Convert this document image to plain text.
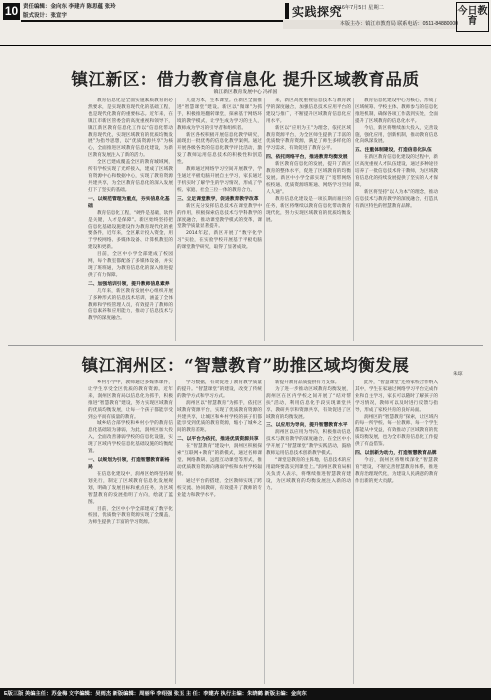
10 责任编辑：金向东 李建卉 陈思蕴 张玲
版式设计：张宣宇	实践探究
2016年7月5日 星期二
本版主办：镇江市教育局 联系电话：0511-84880000
今日教育
镇江新区：借力教育信息化 提升区域教育品质
镇江新区教育发展中心 冯祥国

教育信息化是全面实施素质教育的必然要求，是实现教育现代化的基础工程，也是现代化教育的重要标志。近年来，在镇江市新区管委会的高度重视和领导下，镇江新区教育信息化工作以“信息化带动教育现代化，实现区域教育的优质均衡发展”为指导思想，以“优质资源共享”为核心，全面推进区域教育信息化建设，为新区教育发展注入了新的活力。

全区已建成覆盖全区的教育城域网，所有学校实现了光纤接入，建成了区域教育资源中心和数据中心，实现了教育资源共建共享，为全区教育信息化的深入发展打下了坚实的基础。

一、以规范管理为重点，夯实信息化基础

教育信息化工程，“硬件是基础，软件是关键，人才是保障”。新区始终坚持把信息化基础设施建设作为教育现代化的重要条件，近年来，全区累计投入资金，用于学校网络、多媒体设备、计算机教室的建设和更新。

目前，全区中小学全部建成了校园网，每个教室都配备了多媒体设备，并实现了班班通，为教育信息化的深入推进提供了有力保障。

二、加强培训引领，提升教师信息素养

几年来，新区教育发展中心组织开展了多种形式的信息技术培训，涵盖了全体教师和学校管理人员，有效提升了教师的信息素养和应用能力，推动了信息技术与教学的深度融合。

儿童为本，生本课堂。在新区全面推进“智慧课堂”建设。新区以“微课”为抓手，积极推进翻转课堂，探索基于网络环境的教学模式，让学生成为学习的主人，教师成为学习的引导者和组织者。

新区各校积极开展信息化教学研究，涌现出一批优秀的信息化教学案例。通过开展各级各类的信息化教学评比活动，激发了教师运用信息技术的积极性和创造性。

教师通过网络学习空间开展教学，学生通过平板电脑开展自主学习，家长通过手机实时了解学生的学习情况，形成了学校、家庭、社会三位一体的教育合力。

三、立足课堂教学，促进教育教学改革

新区充分发挥信息技术在课堂教学中的作用，积极探索信息技术与学科教学的深度融合，推动课堂教学模式的变革，课堂教学质量显著提升。

2014年起，新区开展了“数字化学习”实验，在实验学校开展基于平板电脑的课堂教学研究，取得了显著成效。

来，新区高度重视信息技术与教育教学的深度融合，加强信息技术应用平台的建设与推广，不断提升区域教育信息化应用水平。

新区以“应用为王”为理念，依托区域教育资源平台，为全区师生提供了丰富的优质数字教育资源，满足了师生多样化的学习需求，有效促进了教育公平。

四、依托网络平台，推进教育均衡发展

新区教育信息化的发展，提升了新区教育的整体水平，促进了区域教育的均衡发展。新区中小学全部实现了“宽带网络校校通、优质资源班班通、网络学习空间人人通”。

教育信息化建设是一项长期而艰巨的任务，新区将继续以教育信息化带动教育现代化，努力实现区域教育的优质均衡发展。

教育信息化建设中心为核心，形成了区域统筹、学校主体、教师参与的信息化推进机制，确保各项工作落到实处，全面提升了区域教育的信息化水平。

今后，新区将继续加大投入，完善设施，强化应用，创新机制，推动教育信息化向纵深发展。

五、注重体制建设，打造信息化队伍

在新区教育信息化建设的过程中，新区高度重视人才队伍建设，通过多种途径培养了一批信息技术骨干教师，为区域教育信息化的持续发展提供了坚实的人才保障。

新区将坚持“以人为本”的理念，推动信息技术与教育教学的深度融合，打造具有新区特色的智慧教育品牌。

镇江润州区：“智慧教育”助推区域均衡发展	朱琼

乡村小学中，教师通过多媒体课件，让学生享受全区优质的教育资源。近年来，润州区教育局以信息化为抓手，积极推进“智慧教育”建设，努力实现区域教育的优质均衡发展，让每一个孩子都能享受到公平而有质量的教育。

城乡结合部学校和乡村小学的教育信息化基础较为薄弱，为此，润州区加大投入，全面改善薄弱学校的信息化设施，实现了区域内学校信息化基础设施的均衡配置。

一、以规划为引领，打造智慧教育新格局

在信息化建设中，润州区始终坚持规划先行，制定了区域教育信息化发展规划，明确了发展目标和重点任务，为区域智慧教育的发展指明了方向，绘就了蓝图。

目前，全区中小学全部建成了数字化校园，优质数字教育资源实现了全覆盖，为师生提供了丰富的学习资源。

学习数据，有效促进了教育教学质量的提升。“智慧课堂”的建设，改变了传统的教学方式和学习方式。

润州区以“智慧教育”为抓手，依托区域教育资源平台，实现了优质教育资源的共建共享，让城区和乡村学校的孩子们都能享受到优质的教育资源，缩小了城乡之间的教育差距。

二、以平台为依托，推进优质资源共享

在“智慧教育”建设中，润州区积极探索“互联网+教育”的新模式，通过名师课堂、网络教研、远程互动课堂等形式，推动优质教育资源向薄弱学校和农村学校辐射。

通过平台的搭建，全区教师实现了跨校交流、协同教研，有效提升了教师的专业能力和教学水平。

新提升教育品质提供有力支撑。

为了进一步推动区域教育均衡发展，润州区在区内学校之间开展了“结对帮扶”活动，利用信息化手段实现课堂共享、教研共享和资源共享，有效促进了区域教育的均衡发展。

三、以应用为导向，提升智慧教育水平

润州区以应用为导向，积极推动信息技术与教育教学的深度融合，在全区中小学开展了“智慧课堂”教学实践活动，鼓励教师运用信息技术创新教学模式。

“课堂是教育的主阵地，信息技术的应用最终要落实到课堂上。”润州区教育局相关负责人表示，将继续推进智慧教育建设，为区域教育的均衡发展注入新的动力。

此外，“智慧课堂”还将家校合作纳入其中，学生在家通过网络学习平台完成作业和自主学习，家长可以随时了解孩子的学习情况，教师可以及时进行反馈与指导，形成了家校共育的良好局面。

润州区的“智慧教育”探索，让区域内的每一所学校、每一位教师、每一个学生都能从中受益，有效推动了区域教育的优质均衡发展，也为全市教育信息化工作提供了有益借鉴。

四、以创新为动力，打造智慧教育品牌

今后，润州区将继续深化“智慧教育”建设，不断完善智慧教育体系，推进教育治理现代化，为建设人民满意的教育作出新的更大贡献。

E版三版 美编主任：苏金梅 文字编辑：吴雨杰 新版编辑：周丽华 李绍强 张玉 主 任：李建卉 执行主编：朱晓鹤 新版主编：金向东
